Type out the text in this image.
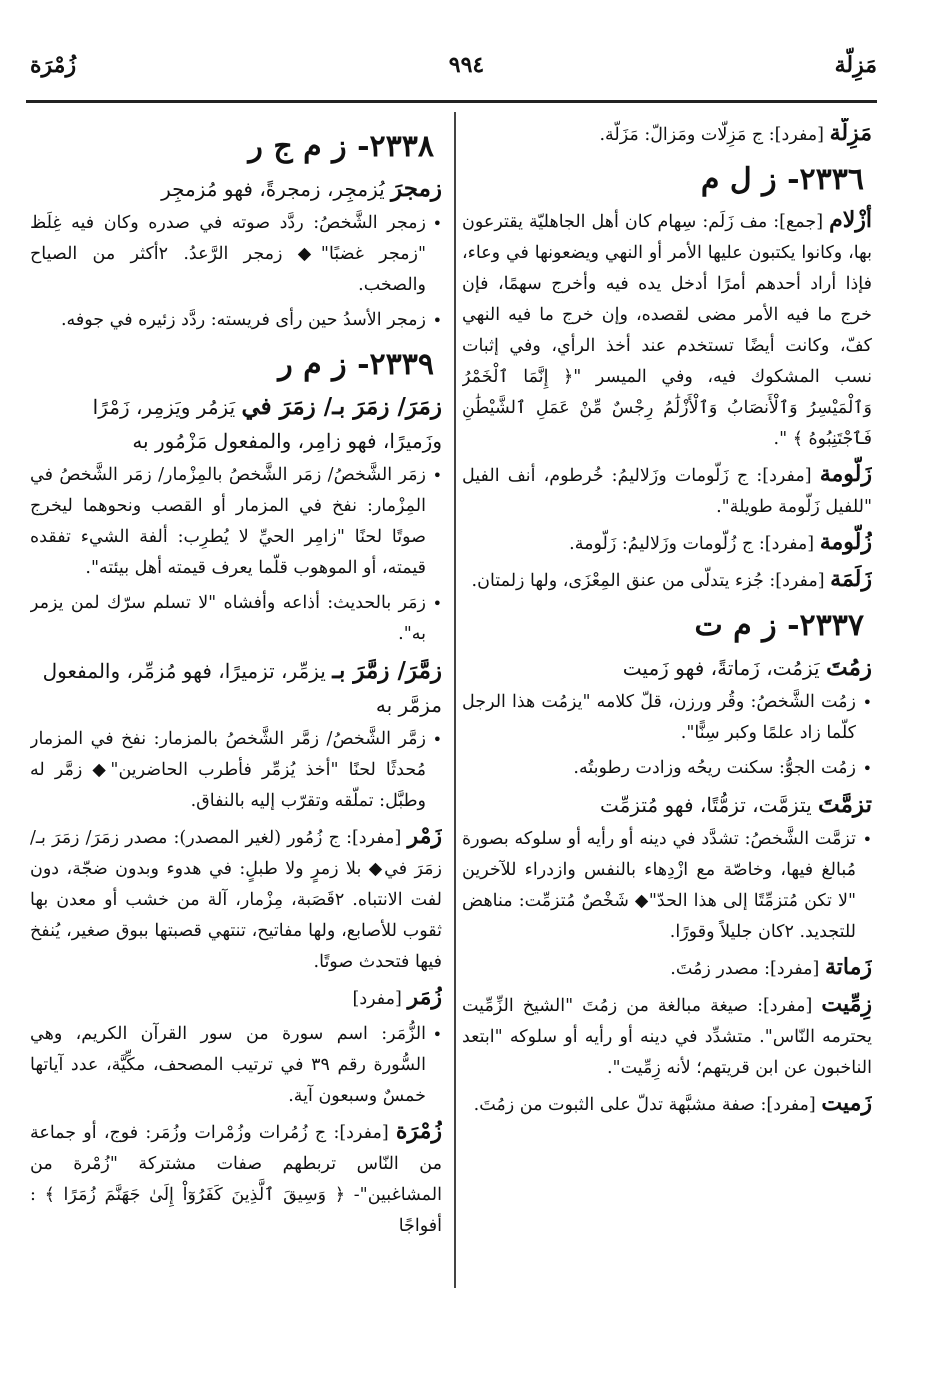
مَزِلّة
٩٩٤
زُمْرَة
مَزِلّة [مفرد]: ج مَزِلّات ومَزالّ: مَزَلّة.
٢٣٣٦- ز ل م
أزْلام [جمع]: مف زَلَم: سِهام كان أهل الجاهليّة يقترعون بها، وكانوا يكتبون عليها الأمر أو النهي ويضعونها في وعاء، فإذا أراد أحدهم أمرًا أدخل يده فيه وأخرج سهمًا، فإن خرج ما فيه الأمر مضى لقصده، وإن خرج ما فيه النهي كفّ، وكانت أيضًا تستخدم عند أخذ الرأي، وفي إثبات نسب المشكوك فيه، وفي الميسر "﴿ إِنَّمَا ٱلْخَمْرُ وَٱلْمَيْسِرُ وَٱلْأَنصَابُ وَٱلْأَزْلَٰمُ رِجْسٌ مِّنْ عَمَلِ ٱلشَّيْطَٰنِ فَٱجْتَنِبُوهُ ﴾ ".
زَلّومة [مفرد]: ج زَلّومات وزَلاليمُ: خُرطوم، أنف الفيل "للفيل زَلّومة طويلة".
زُلّومة [مفرد]: ج زُلّومات وزَلاليمُ: زَلّومة.
زَلَمَة [مفرد]: جُزء يتدلّى من عنق المِعْزَى، ولها زلمتان.
٢٣٣٧- ز م ت
زمُتَ يَزمُت، زَماتةً، فهو زَميت
•
زمُت الشَّخصُ: وقُر ورزن، قلّ كلامه "يزمُت هذا الرجل كلّما زاد علمًا وكبر سِنًّا".
•
زمُت الجوُّ: سكنت ريحُه وزادت رطوبتُه.
تزمَّتَ يتزمَّت، تزمُّتًا، فهو مُتزمِّت
•
تزمَّت الشَّخصُ: تشدَّد في دينه أو رأيه أو سلوكه بصورة مُبالغ فيها، وخاصّة مع ازْدِهاء بالنفس وازدراء للآخرين "لا تكن مُتزمِّتًا إلى هذا الحدّ"◆ شَخْصٌ مُتزمِّت: مناهض للتجديد. ٢كان جليلاً وقورًا.
زَماتة [مفرد]: مصدر زمُتَ.
زِمِّيت [مفرد]: صيغة مبالغة من زمُتَ "الشيخ الزِّمِّيت يحترمه النّاس". متشدِّد في دينه أو رأيه أو سلوكه "ابتعد الناخبون عن ابن قريتهم؛ لأنه زِمِّيت".
زَميت [مفرد]: صفة مشبَّهة تدلّ على الثبوت من زمُتَ.
٢٣٣٨- ز م ج ر
زمجرَ يُزمجِر، زمجرةً، فهو مُزمجِر
•
زمجر الشَّخصُ: ردَّد صوته في صدره وكان فيه غِلَظ "زمجر غضبًا"◆ زمجر الرَّعدُ. ٢أكثر من الصياح والصخب.
•
زمجر الأسدُ حين رأى فريسته: ردَّد زئيره في جوفه.
٢٣٣٩- ز م ر
زمَرَ/ زمَرَ بـ/ زمَرَ في يَزمُر ويَزمِر، زَمْرًا وزَميرًا، فهو زامِر، والمفعول مَزْمُور به
•
زمَر الشَّخصُ/ زمَر الشَّخصُ بالمِزْمار/ زمَر الشَّخصُ في المِزْمار: نفخ في المزمار أو القصب ونحوهما ليخرج صوتًا لحنًا "زامِر الحيِّ لا يُطرِب: ألفة الشيء تفقده قيمته، أو الموهوب قلّما يعرف قيمته أهل بيئته".
•
زمَر بالحديث: أذاعه وأفشاه "لا تسلم سرّك لمن يزمر به".
زمَّرَ/ زمَّرَ بـ يزمِّر، تزميرًا، فهو مُزمِّر، والمفعول مزمَّر به
•
زمَّر الشَّخصُ/ زمَّر الشَّخصُ بالمزمار: نفخ في المزمار مُحدثًا لحنًا "أخذ يُزمِّر فأطرب الحاضرين"◆ زمَّر له وطبَّل: تملّقه وتقرّب إليه بالنفاق.
زَمْر [مفرد]: ج زُمُور (لغير المصدر): مصدر زمَرَ/ زمَرَ بـ/ زمَرَ في◆ بلا زمرٍ ولا طبلٍ: في هدوء وبدون ضجّة، دون لفت الانتباه. ٢قَصَبة، مِزْمار، آلة من خشب أو معدن بها ثقوب للأصابع، ولها مفاتيح، تنتهي قصبتها ببوق صغير، يُنفخ فيها فتحدث صوتًا.
زُمَر [مفرد]
•
الزُّمَر: اسم سورة من سور القرآن الكريم، وهي السُّورة رقم ٣٩ في ترتيب المصحف، مكِّيَّة، عدد آياتها خمسٌ وسبعون آية.
زُمْرَة [مفرد]: ج زُمُرات وزُمْرات وزُمَر: فوج، أو جماعة من النّاس تربطهم صفات مشتركة "زُمْرة من المشاغبين"- ﴿ وَسِيقَ ٱلَّذِينَ كَفَرُوٓاْ إِلَىٰ جَهَنَّمَ زُمَرًا ﴾ : أفواجًا
